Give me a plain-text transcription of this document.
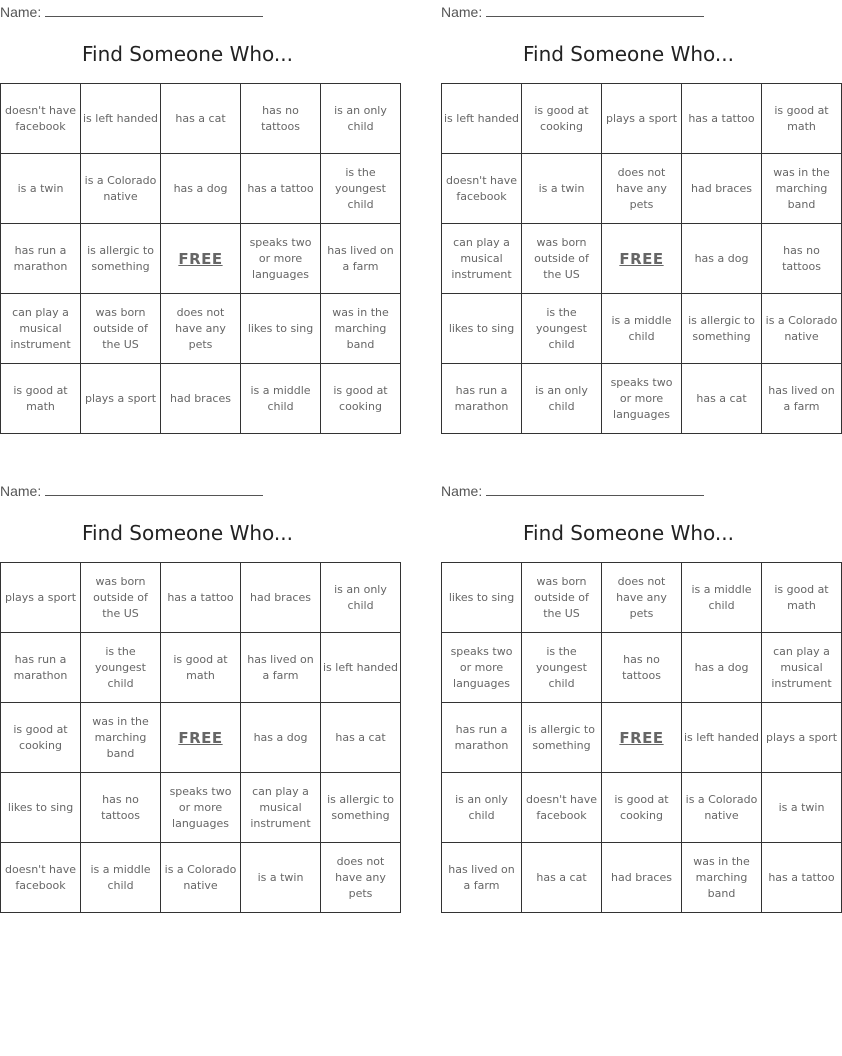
Name:
Find Someone Who...
doesn't have facebook	is left handed	has a cat	has no tattoos	is an only child
is a twin	is a Colorado native	has a dog	has a tattoo	is the youngest child
has run a marathon	is allergic to something	FREE	speaks two or more languages	has lived on a farm
can play a musical instrument	was born outside of the US	does not have any pets	likes to sing	was in the marching band
is good at math	plays a sport	had braces	is a middle child	is good at cooking
Name:
Find Someone Who...
is left handed	is good at cooking	plays a sport	has a tattoo	is good at math
doesn't have facebook	is a twin	does not have any pets	had braces	was in the marching band
can play a musical instrument	was born outside of the US	FREE	has a dog	has no tattoos
likes to sing	is the youngest child	is a middle child	is allergic to something	is a Colorado native
has run a marathon	is an only child	speaks two or more languages	has a cat	has lived on a farm
Name:
Find Someone Who...
plays a sport	was born outside of the US	has a tattoo	had braces	is an only child
has run a marathon	is the youngest child	is good at math	has lived on a farm	is left handed
is good at cooking	was in the marching band	FREE	has a dog	has a cat
likes to sing	has no tattoos	speaks two or more languages	can play a musical instrument	is allergic to something
doesn't have facebook	is a middle child	is a Colorado native	is a twin	does not have any pets
Name:
Find Someone Who...
likes to sing	was born outside of the US	does not have any pets	is a middle child	is good at math
speaks two or more languages	is the youngest child	has no tattoos	has a dog	can play a musical instrument
has run a marathon	is allergic to something	FREE	is left handed	plays a sport
is an only child	doesn't have facebook	is good at cooking	is a Colorado native	is a twin
has lived on a farm	has a cat	had braces	was in the marching band	has a tattoo
